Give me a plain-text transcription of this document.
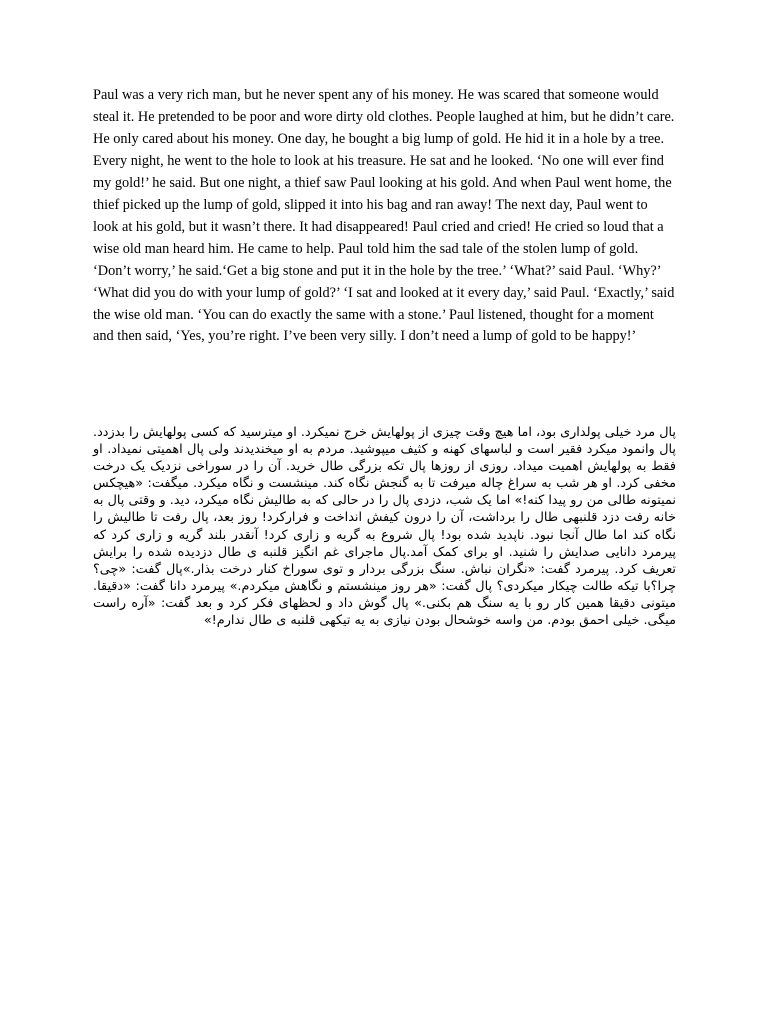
Paul was a very rich man, but he never spent any of his money. He was scared that someone would steal it. He pretended to be poor and wore dirty old clothes. People laughed at him, but he didn’t care. He only cared about his money. One day, he bought a big lump of gold. He hid it in a hole by a tree. Every night, he went to the hole to look at his treasure. He sat and he looked. ‘No one will ever find my gold!’ he said. But one night, a thief saw Paul looking at his gold. And when Paul went home, the thief picked up the lump of gold, slipped it into his bag and ran away! The next day, Paul went to look at his gold, but it wasn’t there. It had disappeared! Paul cried and cried! He cried so loud that a wise old man heard him. He came to help. Paul told him the sad tale of the stolen lump of gold. ‘Don’t worry,’ he said.‘Get a big stone and put it in the hole by the tree.’ ‘What?’ said Paul. ‘Why?’ ‘What did you do with your lump of gold?’ ‘I sat and looked at it every day,’ said Paul. ‘Exactly,’ said the wise old man. ‘You can do exactly the same with a stone.’ Paul listened, thought for a moment and then said, ‘Yes, you’re right. I’ve been very silly. I don’t need a lump of gold to be happy!’

پال مرد خیلی پولداری بود، اما هیچ وقت چیزی از پولهایش خرج نمیکرد. او میترسید که کسی پولهایش را بدزدد. پال وانمود میکرد فقیر است و لباسهای کهنه و کثیف میپوشید. مردم به او میخندیدند ولی پال اهمیتی نمیداد. او فقط به پولهایش اهمیت میداد. روزی از روزها پال تکه بزرگی طال خرید. آن را در سوراخی نزدیک یک درخت مخفی کرد. او هر شب به سراغ چاله میرفت تا به گنجش نگاه کند. مینشست و نگاه میکرد. میگفت: «هیچکس نمیتونه طالی من رو پیدا کنه!» اما یک شب، دزدی پال را در حالی که به طالیش نگاه میکرد، دید. و وقتی پال به خانه رفت دزد قلنبهی طال را برداشت، آن را درون کیفش انداخت و فرارکرد! روز بعد، پال رفت تا طالیش را نگاه کند اما طال آنجا نبود. ناپدید شده بود! پال شروع به گریه و زاری کرد! آنقدر بلند گریه و زاری کرد که پیرمرد دانایی صدایش را شنید. او برای کمک آمد.پال ماجرای غم انگیز قلنبه ی طال دزدیده شده را برایش تعریف کرد. پیرمرد گفت: «نگران نباش. سنگ بزرگی بردار و توی سوراخ کنار درخت بذار.»پال گفت: «چی؟ چرا؟با تیکه طالت چیکار میکردی؟ پال گفت: «هر روز مینشستم و نگاهش میکردم.» پیرمرد دانا گفت: «دقیقا. میتونی دقیقا همین کار رو با یه سنگ هم بکنی.» پال گوش داد و لحظهای فکر کرد و بعد گفت: «آره راست میگی. خیلی احمق بودم. من واسه خوشحال بودن نیازی به یه تیکهی قلنبه ی طال ندارم!»
